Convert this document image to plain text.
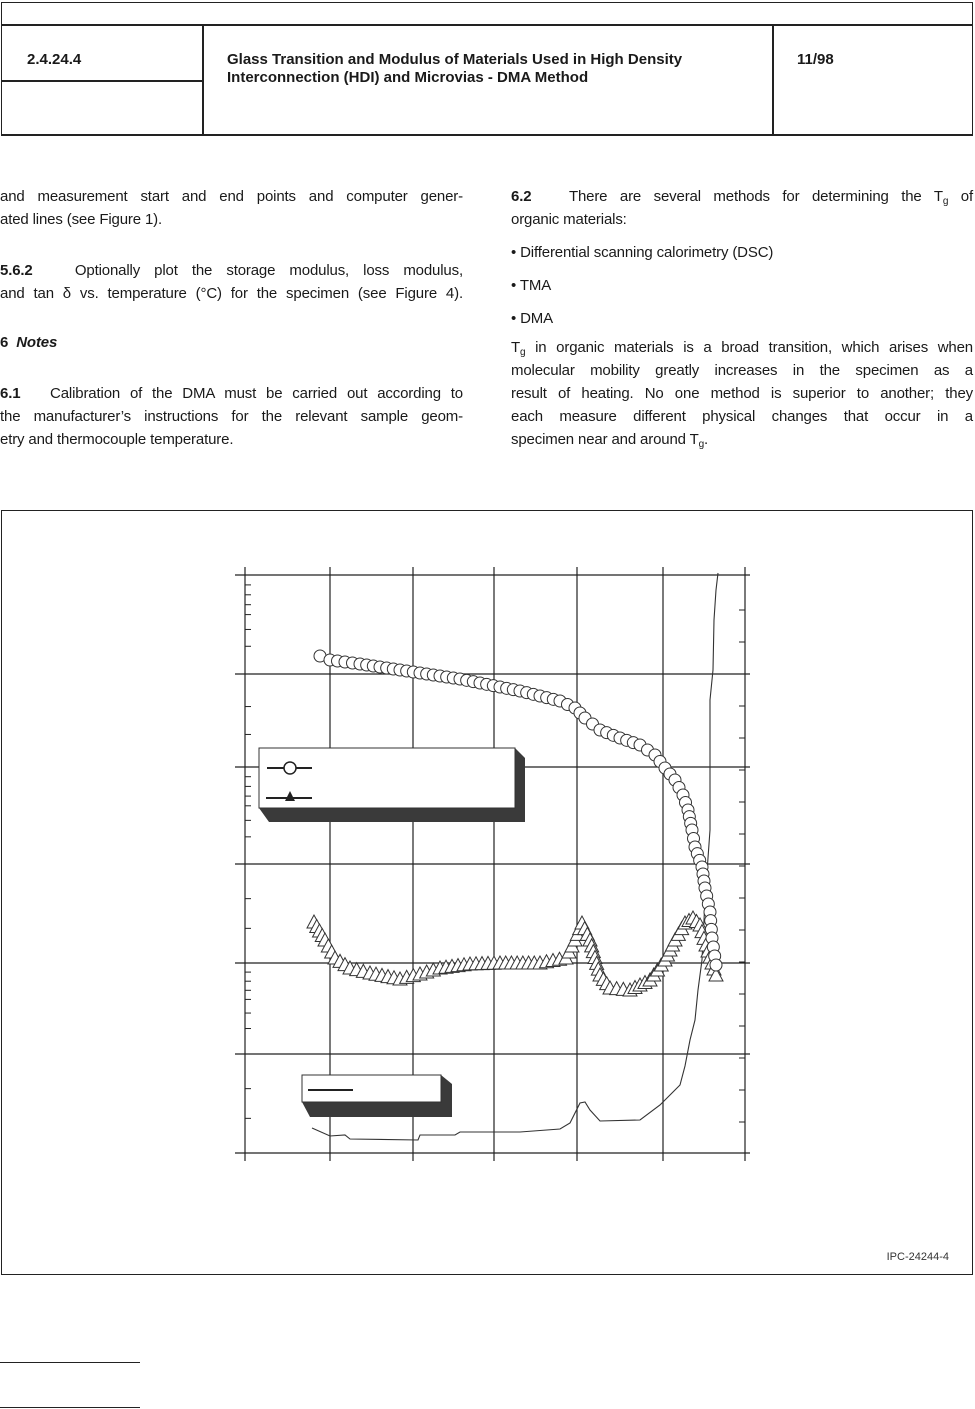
2.4.24.4	Glass Transition and Modulus of Materials Used in High Density
Interconnection (HDI) and Microvias - DMA Method
11/98
and measurement start and end points and computer gener-
ated lines (see Figure 1).
5.6.2	Optionally plot the storage modulus, loss modulus,
and tan δ vs. temperature (°C) for the specimen (see Figure 4).
6 Notes
6.1 Calibration of the DMA must be carried out according to
the manufacturer’s instructions for the relevant sample geom-
etry and thermocouple temperature.
6.2	There are several methods for determining the $T_g$ of
organic materials:
• Differential scanning calorimetry (DSC)
• TMA
• DMA
$T_g$ in organic materials is a broad transition, which arises when
molecular mobility greatly increases in the specimen as a
result of heating. No one method is superior to another; they
each measure different physical changes that occur in a
specimen near and around $T_g$.
IPC-24244-4
